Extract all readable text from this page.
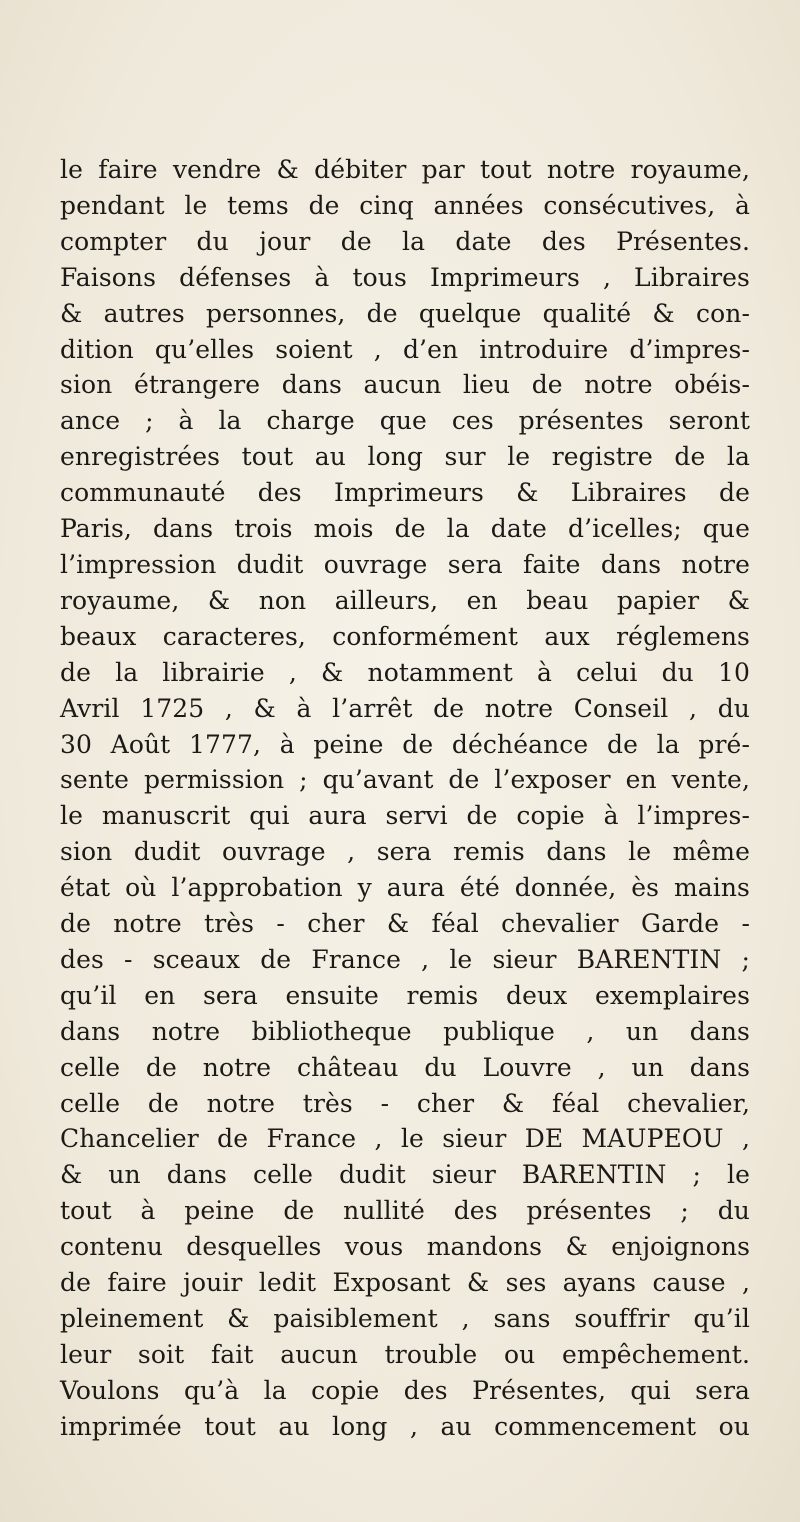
le faire vendre & débiter par tout notre royaume,
pendant le tems de cinq années consécutives, à
compter du jour de la date des Présentes.
Faisons défenses à tous Imprimeurs , Libraires
& autres personnes, de quelque qualité & con-
dition qu’elles soient , d’en introduire d’impres-
sion étrangere dans aucun lieu de notre obéis-
ance ; à la charge que ces présentes seront
enregistrées tout au long sur le registre de la
communauté des Imprimeurs & Libraires de
Paris, dans trois mois de la date d’icelles; que
l’impression dudit ouvrage sera faite dans notre
royaume, & non ailleurs, en beau papier &
beaux caracteres, conformément aux réglemens
de la librairie , & notamment à celui du 10
Avril 1725 , & à l’arrêt de notre Conseil , du
30 Août 1777, à peine de déchéance de la pré-
sente permission ; qu’avant de l’exposer en vente,
le manuscrit qui aura servi de copie à l’impres-
sion dudit ouvrage , sera remis dans le même
état où l’approbation y aura été donnée, ès mains
de notre très - cher & féal chevalier Garde -
des - sceaux de France , le sieur BARENTIN ;
qu’il en sera ensuite remis deux exemplaires
dans notre bibliotheque publique , un dans
celle de notre château du Louvre , un dans
celle de notre très - cher & féal chevalier,
Chancelier de France , le sieur DE MAUPEOU ,
& un dans celle dudit sieur BARENTIN ; le
tout à peine de nullité des présentes ; du
contenu desquelles vous mandons & enjoignons
de faire jouir ledit Exposant & ses ayans cause ,
pleinement & paisiblement , sans souffrir qu’il
leur soit fait aucun trouble ou empêchement.
Voulons qu’à la copie des Présentes, qui sera
imprimée tout au long , au commencement ou
